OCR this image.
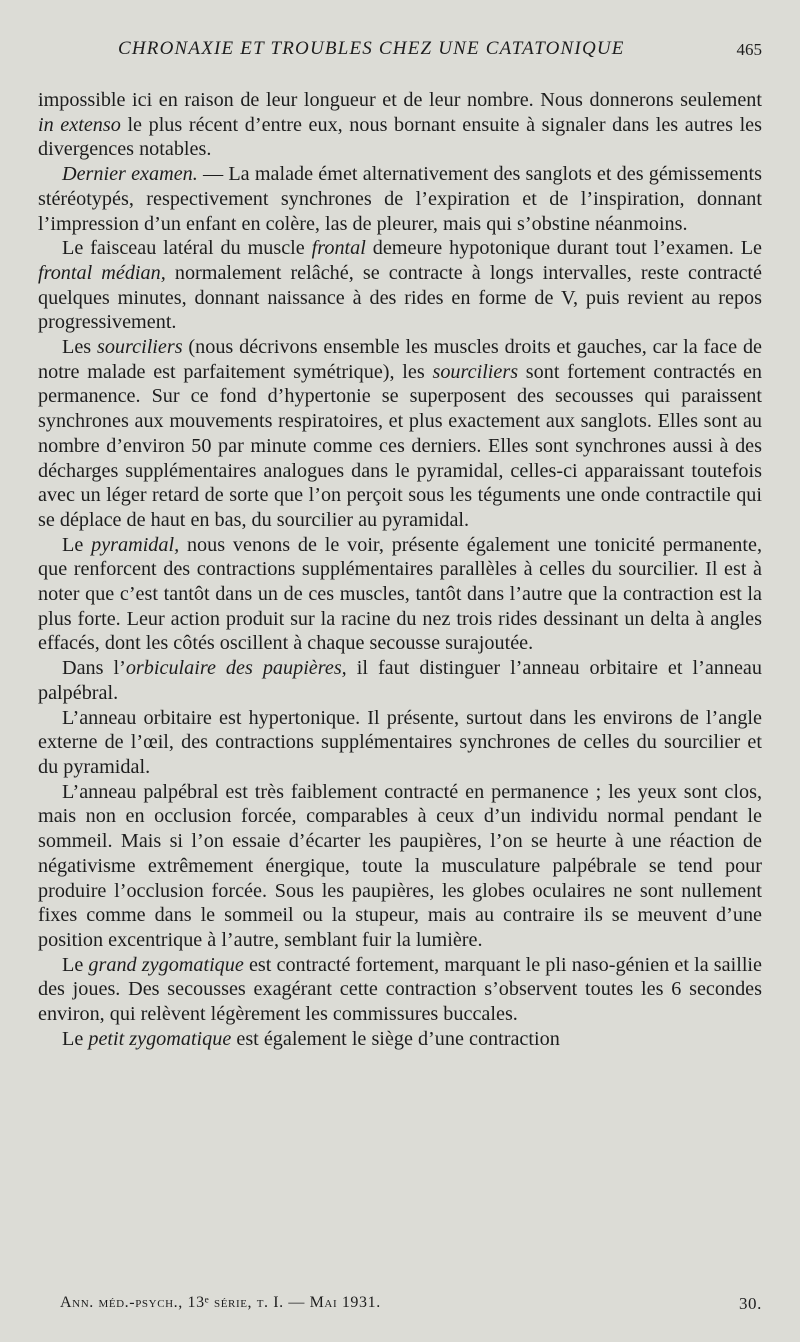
CHRONAXIE ET TROUBLES CHEZ UNE CATATONIQUE	465

impossible ici en raison de leur longueur et de leur nombre. Nous donnerons seulement in extenso le plus récent d’entre eux, nous bornant ensuite à signaler dans les autres les divergences notables.

Dernier examen. — La malade émet alternativement des sanglots et des gémissements stéréotypés, respectivement synchrones de l’expiration et de l’inspiration, donnant l’impression d’un enfant en colère, las de pleurer, mais qui s’obstine néanmoins.

Le faisceau latéral du muscle frontal demeure hypotonique durant tout l’examen. Le frontal médian, normalement relâché, se contracte à longs intervalles, reste contracté quelques minutes, donnant naissance à des rides en forme de V, puis revient au repos progressivement.

Les sourciliers (nous décrivons ensemble les muscles droits et gauches, car la face de notre malade est parfaitement symétrique), les sourciliers sont fortement contractés en permanence. Sur ce fond d’hypertonie se superposent des secousses qui paraissent synchrones aux mouvements respiratoires, et plus exactement aux sanglots. Elles sont au nombre d’environ 50 par minute comme ces derniers. Elles sont synchrones aussi à des décharges supplémentaires analogues dans le pyramidal, celles-ci apparaissant toutefois avec un léger retard de sorte que l’on perçoit sous les téguments une onde contractile qui se déplace de haut en bas, du sourcilier au pyramidal.

Le pyramidal, nous venons de le voir, présente également une tonicité permanente, que renforcent des contractions supplémentaires parallèles à celles du sourcilier. Il est à noter que c’est tantôt dans un de ces muscles, tantôt dans l’autre que la contraction est la plus forte. Leur action produit sur la racine du nez trois rides dessinant un delta à angles effacés, dont les côtés oscillent à chaque secousse surajoutée.

Dans l’orbiculaire des paupières, il faut distinguer l’anneau orbitaire et l’anneau palpébral.

L’anneau orbitaire est hypertonique. Il présente, surtout dans les environs de l’angle externe de l’œil, des contractions supplémentaires synchrones de celles du sourcilier et du pyramidal.

L’anneau palpébral est très faiblement contracté en permanence ; les yeux sont clos, mais non en occlusion forcée, comparables à ceux d’un individu normal pendant le sommeil. Mais si l’on essaie d’écarter les paupières, l’on se heurte à une réaction de négativisme extrêmement énergique, toute la musculature palpébrale se tend pour produire l’occlusion forcée. Sous les paupières, les globes oculaires ne sont nullement fixes comme dans le sommeil ou la stupeur, mais au contraire ils se meuvent d’une position excentrique à l’autre, semblant fuir la lumière.

Le grand zygomatique est contracté fortement, marquant le pli naso-génien et la saillie des joues. Des secousses exagérant cette contraction s’observent toutes les 6 secondes environ, qui relèvent légèrement les commissures buccales.

Le petit zygomatique est également le siège d’une contraction

Ann. méd.-psych., 13ᵉ série, t. I. — Mai 1931.	30.
